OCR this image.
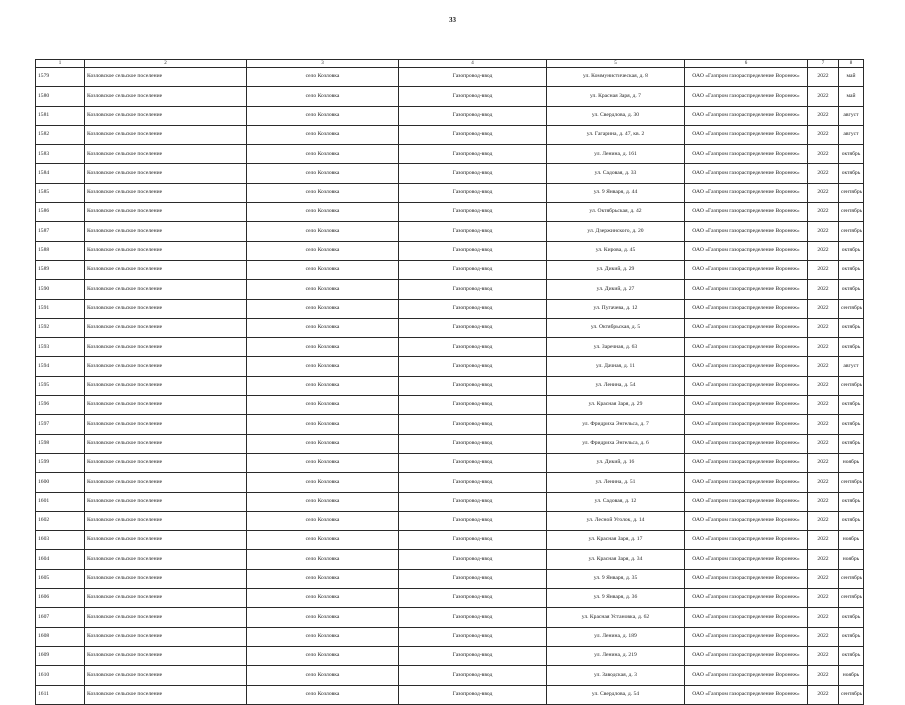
33
1	2	3	4	5	6	7	8
1579	Козловское сельское поселение	село Козловка	Газопровод-ввод	ул. Коммунистическая, д. 8	ОАО «Газпром газораспределение Воронеж»	2022	май
1580	Козловское сельское поселение	село Козловка	Газопровод-ввод	ул. Красная Заря, д. 7	ОАО «Газпром газораспределение Воронеж»	2022	май
1581	Козловское сельское поселение	село Козловка	Газопровод-ввод	ул. Свердлова, д. 30	ОАО «Газпром газораспределение Воронеж»	2022	август
1582	Козловское сельское поселение	село Козловка	Газопровод-ввод	ул. Гагарина, д. 47, кв. 2	ОАО «Газпром газораспределение Воронеж»	2022	август
1583	Козловское сельское поселение	село Козловка	Газопровод-ввод	ул. Ленина, д. 161	ОАО «Газпром газораспределение Воронеж»	2022	октябрь
1584	Козловское сельское поселение	село Козловка	Газопровод-ввод	ул. Садовая, д. 33	ОАО «Газпром газораспределение Воронеж»	2022	октябрь
1585	Козловское сельское поселение	село Козловка	Газопровод-ввод	ул. 9 Января, д. 44	ОАО «Газпром газораспределение Воронеж»	2022	сентябрь
1586	Козловское сельское поселение	село Козловка	Газопровод-ввод	ул. Октябрьская, д. 42	ОАО «Газпром газораспределение Воронеж»	2022	сентябрь
1587	Козловское сельское поселение	село Козловка	Газопровод-ввод	ул. Дзержинского, д. 20	ОАО «Газпром газораспределение Воронеж»	2022	сентябрь
1588	Козловское сельское поселение	село Козловка	Газопровод-ввод	ул. Кирова, д. 45	ОАО «Газпром газораспределение Воронеж»	2022	октябрь
1589	Козловское сельское поселение	село Козловка	Газопровод-ввод	ул. Дикий, д. 29	ОАО «Газпром газораспределение Воронеж»	2022	октябрь
1590	Козловское сельское поселение	село Козловка	Газопровод-ввод	ул. Дикий, д. 27	ОАО «Газпром газораспределение Воронеж»	2022	октябрь
1591	Козловское сельское поселение	село Козловка	Газопровод-ввод	ул. Пугачева, д. 12	ОАО «Газпром газораспределение Воронеж»	2022	сентябрь
1592	Козловское сельское поселение	село Козловка	Газопровод-ввод	ул. Октябрьская, д. 5	ОАО «Газпром газораспределение Воронеж»	2022	октябрь
1593	Козловское сельское поселение	село Козловка	Газопровод-ввод	ул. Заречная, д. 63	ОАО «Газпром газораспределение Воронеж»	2022	октябрь
1594	Козловское сельское поселение	село Козловка	Газопровод-ввод	ул. Дачная, д. 11	ОАО «Газпром газораспределение Воронеж»	2022	август
1595	Козловское сельское поселение	село Козловка	Газопровод-ввод	ул. Ленина, д. 54	ОАО «Газпром газораспределение Воронеж»	2022	сентябрь
1596	Козловское сельское поселение	село Козловка	Газопровод-ввод	ул. Красная Заря, д. 29	ОАО «Газпром газораспределение Воронеж»	2022	октябрь
1597	Козловское сельское поселение	село Козловка	Газопровод-ввод	ул. Фридриха Энгельса, д. 7	ОАО «Газпром газораспределение Воронеж»	2022	октябрь
1598	Козловское сельское поселение	село Козловка	Газопровод-ввод	ул. Фридриха Энгельса, д. 6	ОАО «Газпром газораспределение Воронеж»	2022	октябрь
1599	Козловское сельское поселение	село Козловка	Газопровод-ввод	ул. Дикий, д. 16	ОАО «Газпром газораспределение Воронеж»	2022	ноябрь
1600	Козловское сельское поселение	село Козловка	Газопровод-ввод	ул. Ленина, д. 51	ОАО «Газпром газораспределение Воронеж»	2022	сентябрь
1601	Козловское сельское поселение	село Козловка	Газопровод-ввод	ул. Садовая, д. 12	ОАО «Газпром газораспределение Воронеж»	2022	октябрь
1602	Козловское сельское поселение	село Козловка	Газопровод-ввод	ул. Лесной Уголок, д. 14	ОАО «Газпром газораспределение Воронеж»	2022	октябрь
1603	Козловское сельское поселение	село Козловка	Газопровод-ввод	ул. Красная Заря, д. 17	ОАО «Газпром газораспределение Воронеж»	2022	ноябрь
1604	Козловское сельское поселение	село Козловка	Газопровод-ввод	ул. Красная Заря, д. 34	ОАО «Газпром газораспределение Воронеж»	2022	ноябрь
1605	Козловское сельское поселение	село Козловка	Газопровод-ввод	ул. 9 Января, д. 35	ОАО «Газпром газораспределение Воронеж»	2022	сентябрь
1606	Козловское сельское поселение	село Козловка	Газопровод-ввод	ул. 9 Января, д. 36	ОАО «Газпром газораспределение Воронеж»	2022	сентябрь
1607	Козловское сельское поселение	село Козловка	Газопровод-ввод	ул. Красная Установка, д. 62	ОАО «Газпром газораспределение Воронеж»	2022	октябрь
1608	Козловское сельское поселение	село Козловка	Газопровод-ввод	ул. Ленина, д. 189	ОАО «Газпром газораспределение Воронеж»	2022	октябрь
1609	Козловское сельское поселение	село Козловка	Газопровод-ввод	ул. Ленина, д. 219	ОАО «Газпром газораспределение Воронеж»	2022	октябрь
1610	Козловское сельское поселение	село Козловка	Газопровод-ввод	ул. Заводская, д. 3	ОАО «Газпром газораспределение Воронеж»	2022	ноябрь
1611	Козловское сельское поселение	село Козловка	Газопровод-ввод	ул. Свердлова, д. 54	ОАО «Газпром газораспределение Воронеж»	2022	сентябрь
